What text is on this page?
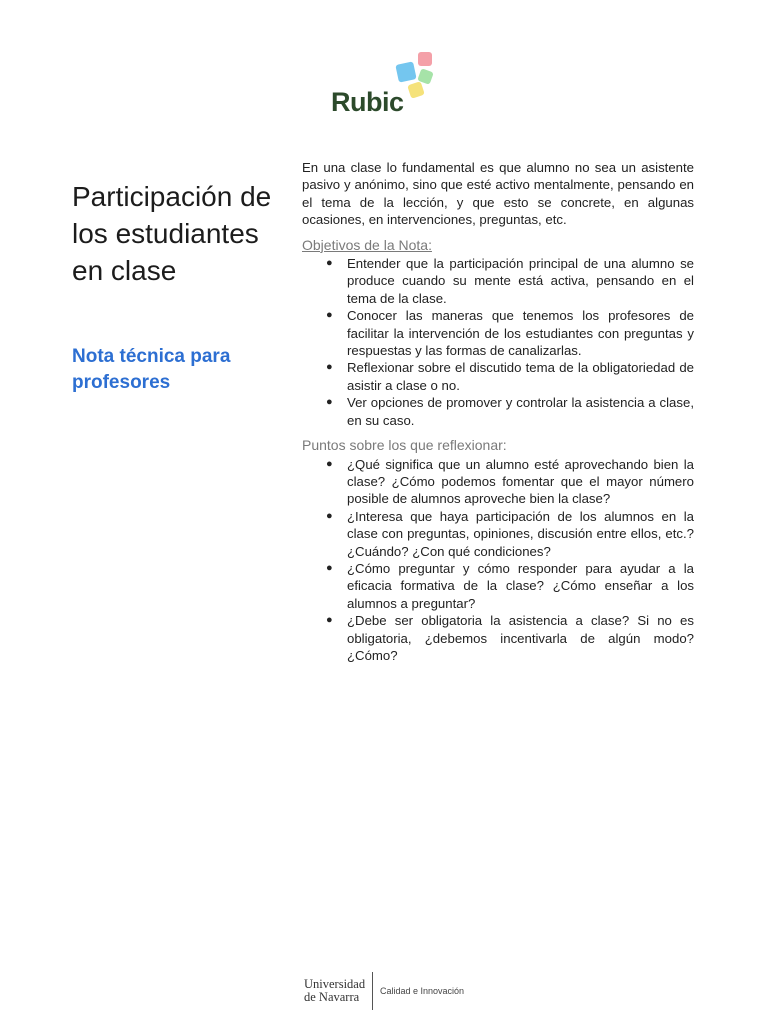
Rubic
Participación de los estudiantes en clase
Nota técnica para profesores

En una clase lo fundamental es que alumno no sea un asistente pasivo y anónimo, sino que esté activo mentalmente, pensando en el tema de la lección, y que esto se concrete, en algunas ocasiones, en intervenciones, preguntas, etc.

Objetivos de la Nota:
● Entender que la participación principal de una alumno se produce cuando su mente está activa, pensando en el tema de la clase.
● Conocer las maneras que tenemos los profesores de facilitar la intervención de los estudiantes con preguntas y respuestas y las formas de canalizarlas.
● Reflexionar sobre el discutido tema de la obligatoriedad de asistir a clase o no.
● Ver opciones de promover y controlar la asistencia a clase, en su caso.
Puntos sobre los que reflexionar:
● ¿Qué significa que un alumno esté aprovechando bien la clase? ¿Cómo podemos fomentar que el mayor número posible de alumnos aproveche bien la clase?
● ¿Interesa que haya participación de los alumnos en la clase con preguntas, opiniones, discusión entre ellos, etc.? ¿Cuándo? ¿Con qué condiciones?
● ¿Cómo preguntar y cómo responder para ayudar a la eficacia formativa de la clase? ¿Cómo enseñar a los alumnos a preguntar?
● ¿Debe ser obligatoria la asistencia a clase? Si no es obligatoria, ¿debemos incentivarla de algún modo? ¿Cómo?
Universidad
de Navarra	Calidad e Innovación
